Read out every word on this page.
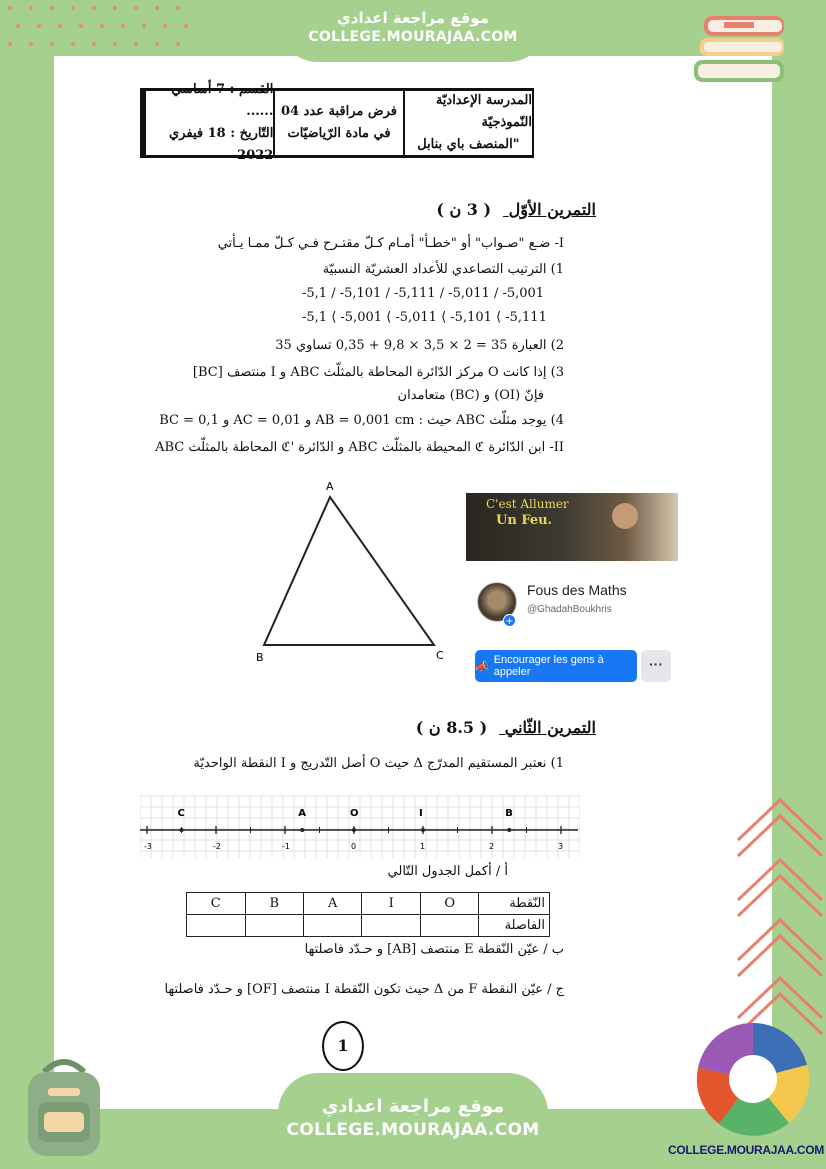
موقع مراجعة اعدادي
COLLEGE.MOURAJAA.COM
المدرسة الإعداديّة النّموذجيّة
"المنصف باي بنابل
فرض مراقبة عدد 04
في مادة الرّياضيّات
القسم : 7 أساسي ......
التّاريخ : 18 فيفري 2022
التمرين الأوّل ( 3 ن )
I- ضـع "صـواب" أو "خطـأ" أمـام كـلّ مقتـرح فـي كـلّ ممـا يـأتي
1) الترتيب التصاعدي للأعداد العشريّة النسبيّة
-5,1 / -5,101 / -5,111 / -5,011 / -5,001
-5,1 ⟨ -5,001 ⟨ -5,011 ⟨ -5,101 ⟨ -5,111
2) العبارة 35 = 2 × 3,5 × 9,8 + 0,35 تساوي 35
3) إذا كانت O مركز الدّائرة المحاطة بالمثلّث ABC و I منتصف [BC]
فإنّ (OI) و (BC) متعامدان
4) يوجد مثلّث ABC حيث : AB = 0,001 cm و AC = 0,01 و BC = 0,1
II- ابن الدّائرة ℭ المحيطة بالمثلّث ABC و الدّائرة 'ℭ المحاطة بالمثلّث ABC
A
B	C
C'est Allumer
Un Feu.
+
Fous des Maths
@GhadahBoukhris
📣
Encourager les gens à appeler	···
التمرين الثّاني ( 8.5 ن )
1) نعتبر المستقيم المدرّج Δ حيث O أصل التّدريج و I النقطة الواحديّة
-3	-2	-1	0	1	2	3
C	A	O	I	B
أ / أكمل الجدول التّالي
النّقطة	O	I	A	B	C
الفاصلة					
ب / عيّن النّقطة E منتصف [AB] و حـدّد فاصلتها
ج / عيّن النقطة F من Δ حيث تكون النّقطة I منتصف [OF] و حـدّد فاصلتها
1
COLLEGE.MOURAJAA.COM
موقع مراجعة اعدادي
COLLEGE.MOURAJAA.COM
